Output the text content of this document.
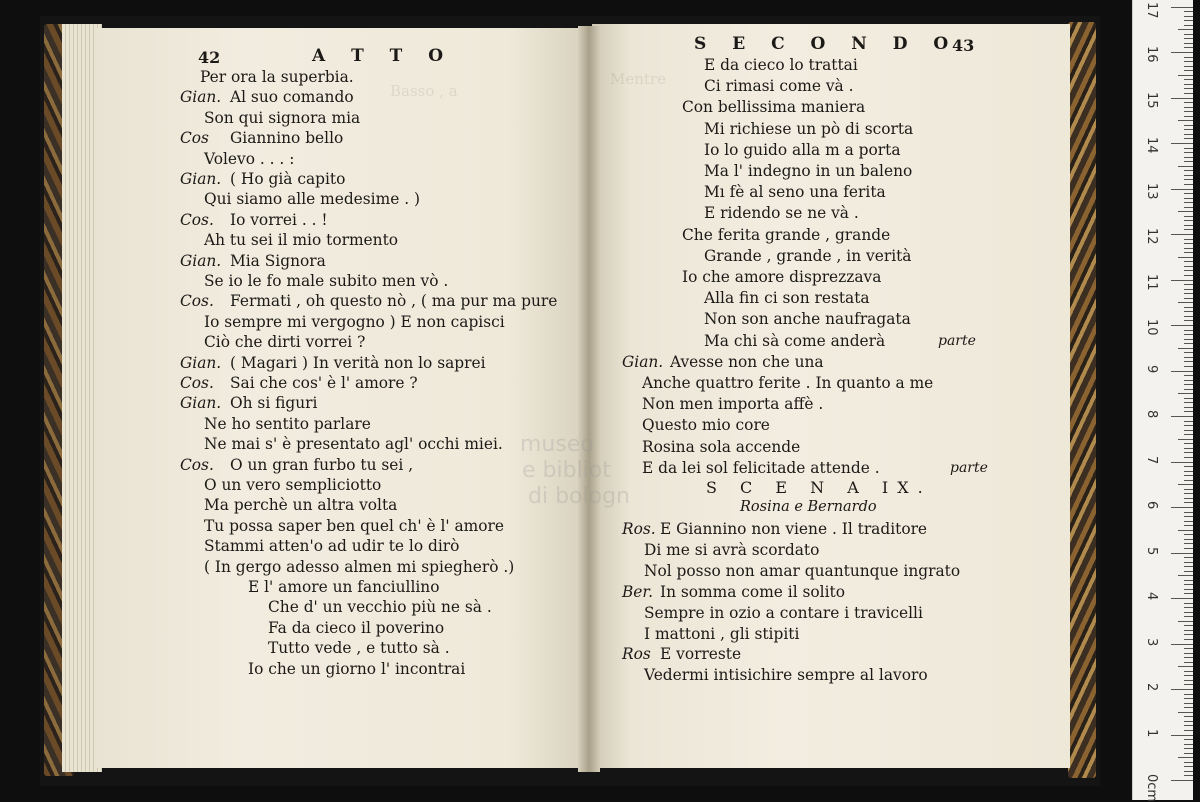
Basso , a
Mentre
museo
e bibliot
di bologn
42	A T T O
Per ora la superbia.
Gian. Al suo comando
Son qui signora mia
Cos Giannino bello
Volevo . . . :
Gian. ( Ho già capito
Qui siamo alle medesime . )
Cos. Io vorrei . . !
Ah tu sei il mio tormento
Gian. Mia Signora
Se io le fo male subito men vò .
Cos. Fermati , oh questo nò , ( ma pur ma pure
Io sempre mi vergogno ) E non capisci
Ciò che dirti vorrei ?
Gian. ( Magari ) In verità non lo saprei
Cos. Sai che cos' è l' amore ?
Gian. Oh si figuri
Ne ho sentito parlare
Ne mai s' è presentato agl' occhi miei.
Cos. O un gran furbo tu sei ,
O un vero sempliciotto
Ma perchè un altra volta
Tu possa saper ben quel ch' è l' amore
Stammi atten'o ad udir te lo dirò
( In gergo adesso almen mi spiegherò .)
E l' amore un fanciullino
Che d' un vecchio più ne sà .
Fa da cieco il poverino
Tutto vede , e tutto sà .
Io che un giorno l' incontrai
S E C O N D O
43
S C E N A IX.
Rosina e Bernardo
E da cieco lo trattai
Ci rimasi come và .
Con bellissima maniera
Mi richiese un pò di scorta
Io lo guido alla m a porta
Ma l' indegno in un baleno
Mı fè al seno una ferita
E ridendo se ne và .
Che ferita grande , grande
Grande , grande , in verità
Io che amore disprezzava
Alla fin ci son restata
Non son anche naufragata
Ma chi sà come anderà	parte
Gian. Avesse non che una
Anche quattro ferite . In quanto a me
Non men importa affè .
Questo mio core
Rosina sola accende
E da lei sol felicitade attende .	parte
Ros. E Giannino non viene . Il traditore
Di me si avrà scordato
Nol posso non amar quantunque ingrato
Ber. In somma come il solito
Sempre in ozio a contare i travicelli
I mattoni , gli stipiti
Ros E vorreste
Vedermi intisichire sempre al lavoro
17
16
15
14
13
12
11
10
9
8
7
6
5
4
3
2
1
0cm
